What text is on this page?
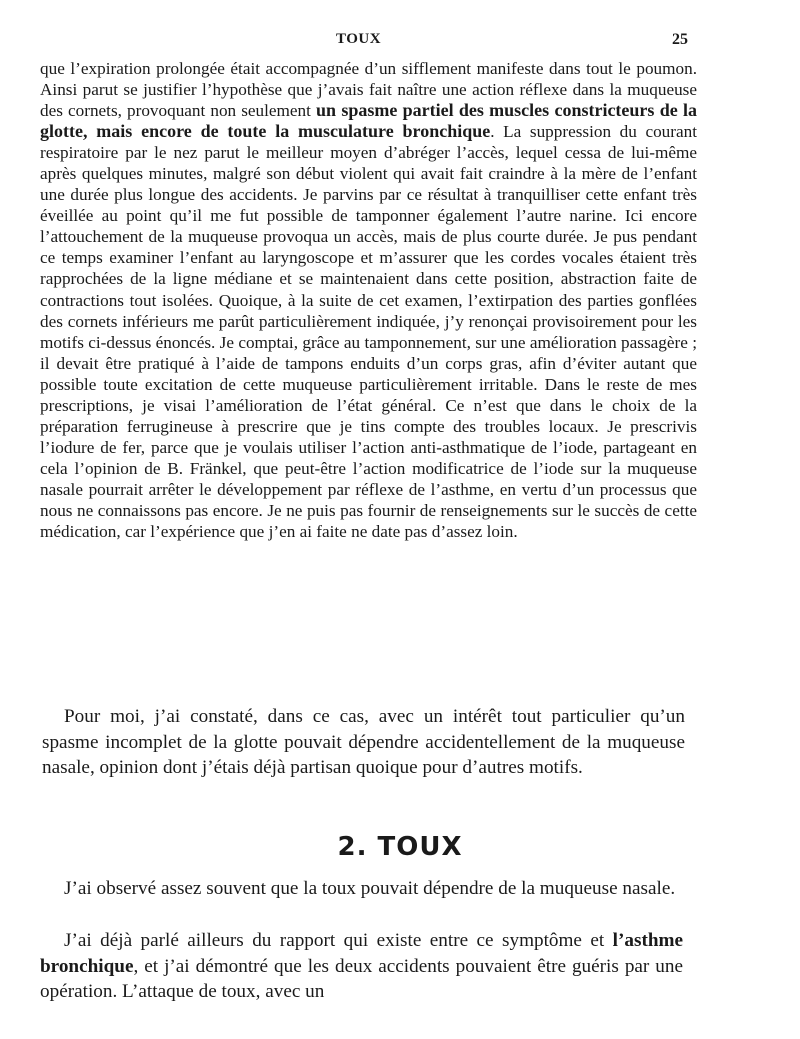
TOUX	25
que l’expiration prolongée était accompagnée d’un sifflement manifeste dans tout le poumon. Ainsi parut se justifier l’hypothèse que j’avais fait naître une action réflexe dans la muqueuse des cornets, provoquant non seulement un spasme partiel des muscles constricteurs de la glotte, mais encore de toute la musculature bronchique. La suppression du courant respiratoire par le nez parut le meilleur moyen d’abréger l’accès, lequel cessa de lui-même après quelques minutes, malgré son début violent qui avait fait craindre à la mère de l’enfant une durée plus longue des accidents. Je parvins par ce résultat à tranquilliser cette enfant très éveillée au point qu’il me fut possible de tamponner également l’autre narine. Ici encore l’attouchement de la muqueuse provoqua un accès, mais de plus courte durée. Je pus pendant ce temps examiner l’enfant au laryngoscope et m’assurer que les cordes vocales étaient très rapprochées de la ligne médiane et se maintenaient dans cette position, abstraction faite de contractions tout isolées. Quoique, à la suite de cet examen, l’extirpation des parties gonflées des cornets inférieurs me parût particulièrement indiquée, j’y renonçai provisoirement pour les motifs ci-dessus énoncés. Je comptai, grâce au tamponnement, sur une amélioration passagère ; il devait être pratiqué à l’aide de tampons enduits d’un corps gras, afin d’éviter autant que possible toute excitation de cette muqueuse particulièrement irritable. Dans le reste de mes prescriptions, je visai l’amélioration de l’état général. Ce n’est que dans le choix de la préparation ferrugineuse à prescrire que je tins compte des troubles locaux. Je prescrivis l’iodure de fer, parce que je voulais utiliser l’action anti-asthmatique de l’iode, partageant en cela l’opinion de B. Fränkel, que peut-être l’action modificatrice de l’iode sur la muqueuse nasale pourrait arrêter le développement par réflexe de l’asthme, en vertu d’un processus que nous ne connaissons pas encore. Je ne puis pas fournir de renseignements sur le succès de cette médication, car l’expérience que j’en ai faite ne date pas d’assez loin.
Pour moi, j’ai constaté, dans ce cas, avec un intérêt tout particulier qu’un spasme incomplet de la glotte pouvait dépendre accidentellement de la muqueuse nasale, opinion dont j’étais déjà partisan quoique pour d’autres motifs.
2. TOUX
J’ai observé assez souvent que la toux pouvait dépendre de la muqueuse nasale.
J’ai déjà parlé ailleurs du rapport qui existe entre ce symptôme et l’asthme bronchique, et j’ai démontré que les deux accidents pouvaient être guéris par une opération. L’attaque de toux, avec un
